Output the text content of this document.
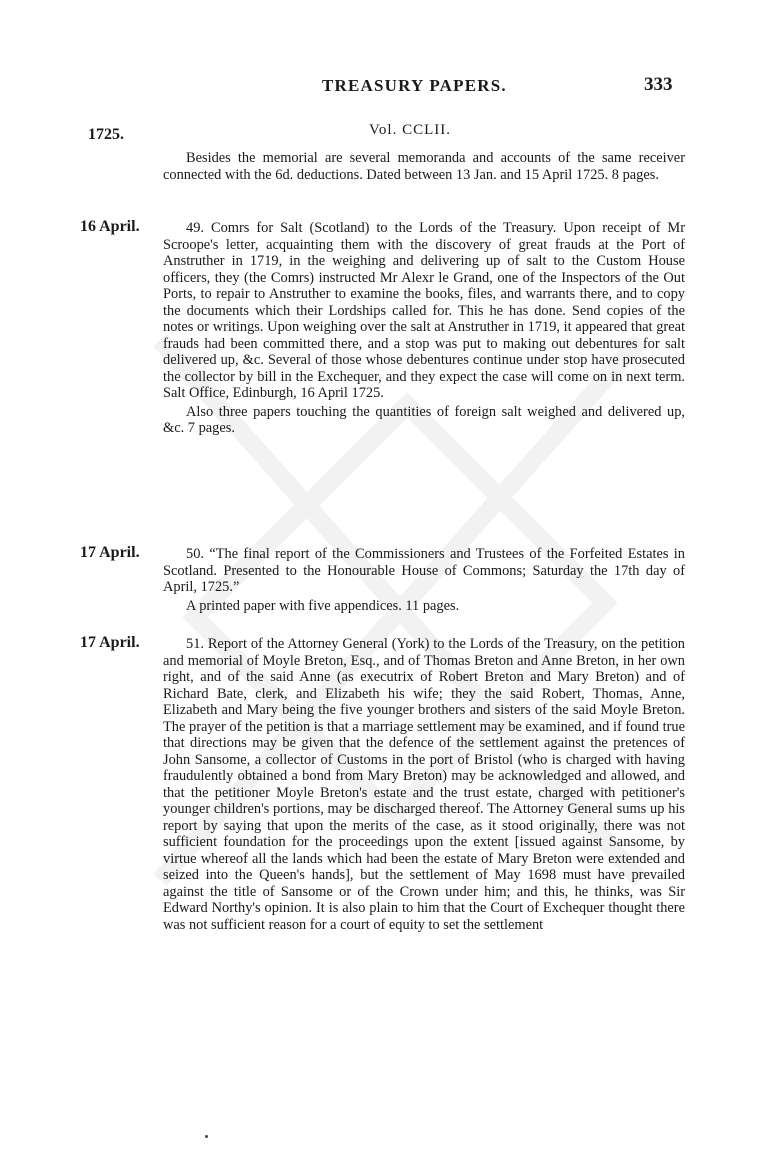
TREASURY PAPERS.	333
1725.	Vol. CCLII.

Besides the memorial are several memoranda and accounts of the same receiver connected with the 6d. deductions. Dated between 13 Jan. and 15 April 1725. 8 pages.

16 April.	49. Comrs for Salt (Scotland) to the Lords of the Treasury. Upon receipt of Mr Scroope's letter, acquainting them with the discovery of great frauds at the Port of Anstruther in 1719, in the weighing and delivering up of salt to the Custom House officers, they (the Comrs) instructed Mr Alexr le Grand, one of the Inspectors of the Out Ports, to repair to Anstruther to examine the books, files, and warrants there, and to copy the documents which their Lordships called for. This he has done. Send copies of the notes or writings. Upon weighing over the salt at Anstruther in 1719, it appeared that great frauds had been committed there, and a stop was put to making out debentures for salt delivered up, &c. Several of those whose debentures continue under stop have prosecuted the collector by bill in the Exchequer, and they expect the case will come on in next term. Salt Office, Edinburgh, 16 April 1725.

Also three papers touching the quantities of foreign salt weighed and delivered up, &c. 7 pages.

17 April.	50. “The final report of the Commissioners and Trustees of the Forfeited Estates in Scotland. Presented to the Honourable House of Commons; Saturday the 17th day of April, 1725.”

A printed paper with five appendices. 11 pages.

17 April.	51. Report of the Attorney General (York) to the Lords of the Treasury, on the petition and memorial of Moyle Breton, Esq., and of Thomas Breton and Anne Breton, in her own right, and of the said Anne (as executrix of Robert Breton and Mary Breton) and of Richard Bate, clerk, and Elizabeth his wife; they the said Robert, Thomas, Anne, Elizabeth and Mary being the five younger brothers and sisters of the said Moyle Breton. The prayer of the petition is that a marriage settlement may be examined, and if found true that directions may be given that the defence of the settlement against the pretences of John Sansome, a collector of Customs in the port of Bristol (who is charged with having fraudulently obtained a bond from Mary Breton) may be acknowledged and allowed, and that the petitioner Moyle Breton's estate and the trust estate, charged with petitioner's younger children's portions, may be discharged thereof. The Attorney General sums up his report by saying that upon the merits of the case, as it stood originally, there was not sufficient foundation for the proceedings upon the extent [issued against Sansome, by virtue whereof all the lands which had been the estate of Mary Breton were extended and seized into the Queen's hands], but the settlement of May 1698 must have prevailed against the title of Sansome or of the Crown under him; and this, he thinks, was Sir Edward Northy's opinion. It is also plain to him that the Court of Exchequer thought there was not sufficient reason for a court of equity to set the settlement
